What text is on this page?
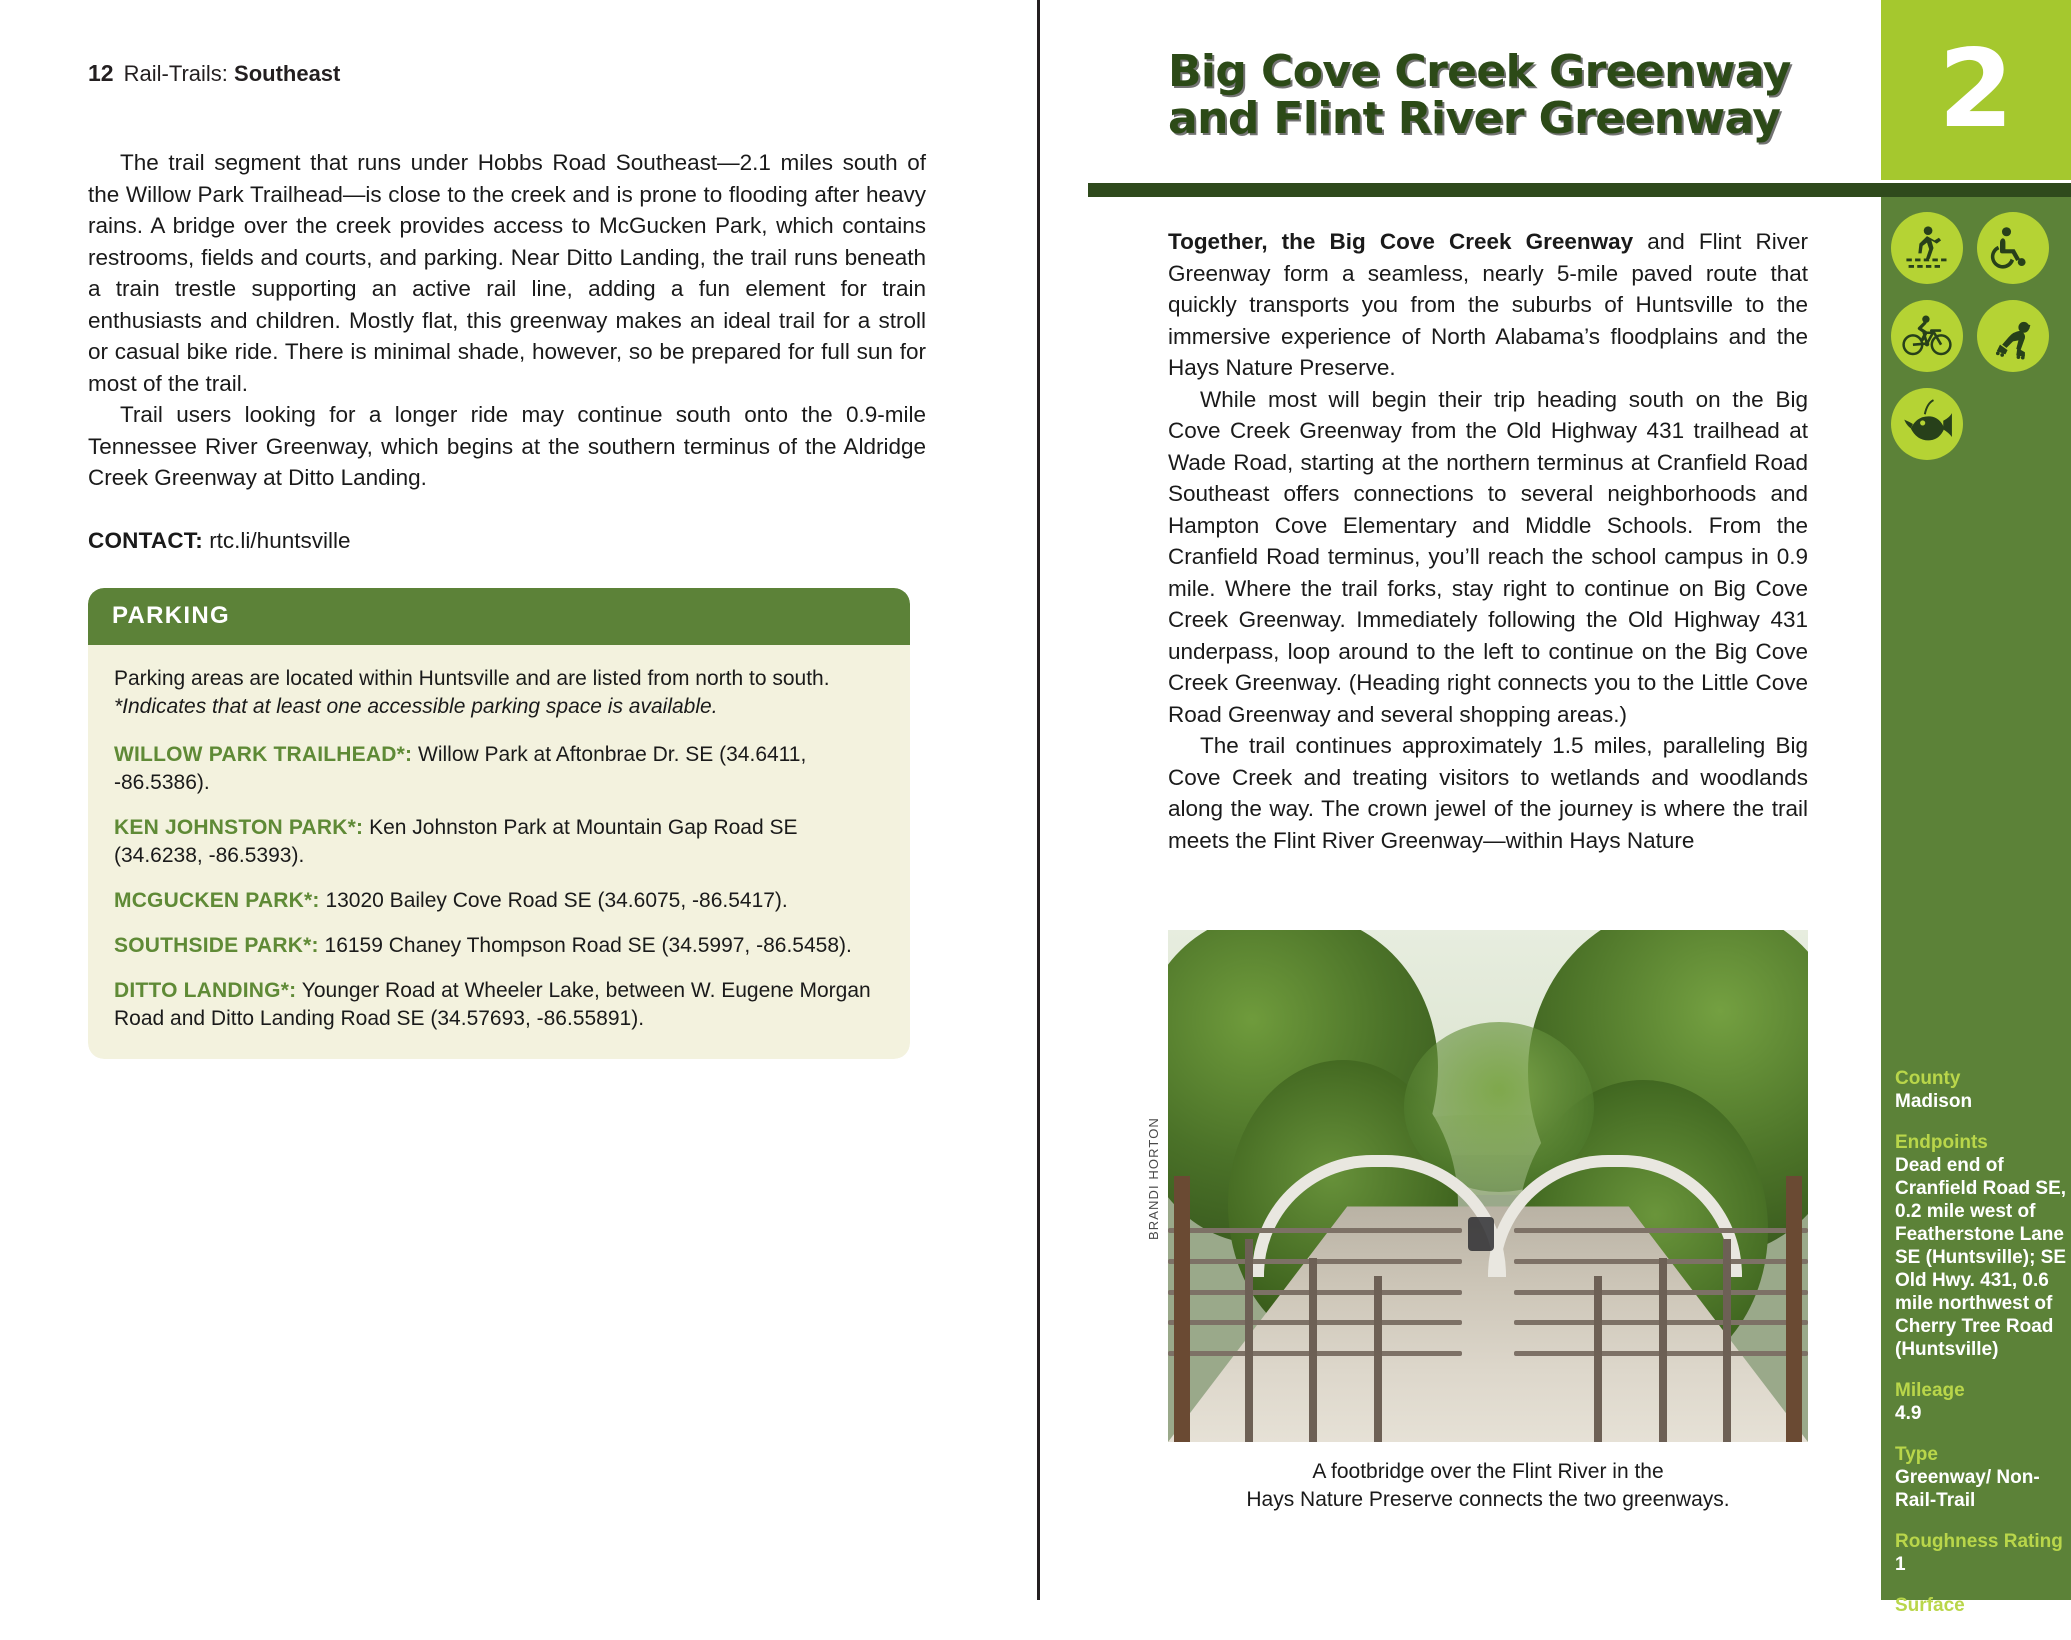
12 Rail-Trails: Southeast

The trail segment that runs under Hobbs Road Southeast—2.1 miles south of the Willow Park Trailhead—is close to the creek and is prone to flooding after heavy rains. A bridge over the creek provides access to McGucken Park, which contains restrooms, fields and courts, and parking. Near Ditto Landing, the trail runs beneath a train trestle supporting an active rail line, adding a fun element for train enthusiasts and children. Mostly flat, this greenway makes an ideal trail for a stroll or casual bike ride. There is minimal shade, however, so be prepared for full sun for most of the trail.

Trail users looking for a longer ride may continue south onto the 0.9-mile Tennessee River Greenway, which begins at the southern terminus of the Aldridge Creek Greenway at Ditto Landing.

CONTACT: rtc.li/huntsville
PARKING

Parking areas are located within Huntsville and are listed from north to south.

*Indicates that at least one accessible parking space is available.

WILLOW PARK TRAILHEAD*: Willow Park at Aftonbrae Dr. SE (34.6411, -86.5386).

KEN JOHNSTON PARK*: Ken Johnston Park at Mountain Gap Road SE (34.6238, -86.5393).

MCGUCKEN PARK*: 13020 Bailey Cove Road SE (34.6075, -86.5417).

SOUTHSIDE PARK*: 16159 Chaney Thompson Road SE (34.5997, -86.5458).

DITTO LANDING*: Younger Road at Wheeler Lake, between W. Eugene Morgan Road and Ditto Landing Road SE (34.57693, -86.55891).

Big Cove Creek Greenway
and Flint River Greenway	2
County
Madison
Endpoints
Dead end of Cranfield Road SE, 0.2 mile west of Featherstone Lane SE (Huntsville); SE Old Hwy. 431, 0.6 mile northwest of Cherry Tree Road (Huntsville)
Mileage
4.9
Type
Greenway/ Non-Rail-Trail
Roughness Rating
1
Surface
Asphalt, Concrete

Together, the Big Cove Creek Greenway and Flint River Greenway form a seamless, nearly 5-mile paved route that quickly transports you from the suburbs of Huntsville to the immersive experience of North Alabama’s floodplains and the Hays Nature Preserve.

While most will begin their trip heading south on the Big Cove Creek Greenway from the Old Highway 431 trailhead at Wade Road, starting at the northern terminus at Cranfield Road Southeast offers connections to several neighborhoods and Hampton Cove Elementary and Middle Schools. From the Cranfield Road terminus, you’ll reach the school campus in 0.9 mile. Where the trail forks, stay right to continue on Big Cove Creek Greenway. Immediately following the Old Highway 431 underpass, loop around to the left to continue on the Big Cove Creek Greenway. (Heading right connects you to the Little Cove Road Greenway and several shopping areas.)

The trail continues approximately 1.5 miles, paralleling Big Cove Creek and treating visitors to wetlands and woodlands along the way. The crown jewel of the journey is where the trail meets the Flint River Greenway—within Hays Nature

BRANDI HORTON
A footbridge over the Flint River in the
Hays Nature Preserve connects the two greenways.
